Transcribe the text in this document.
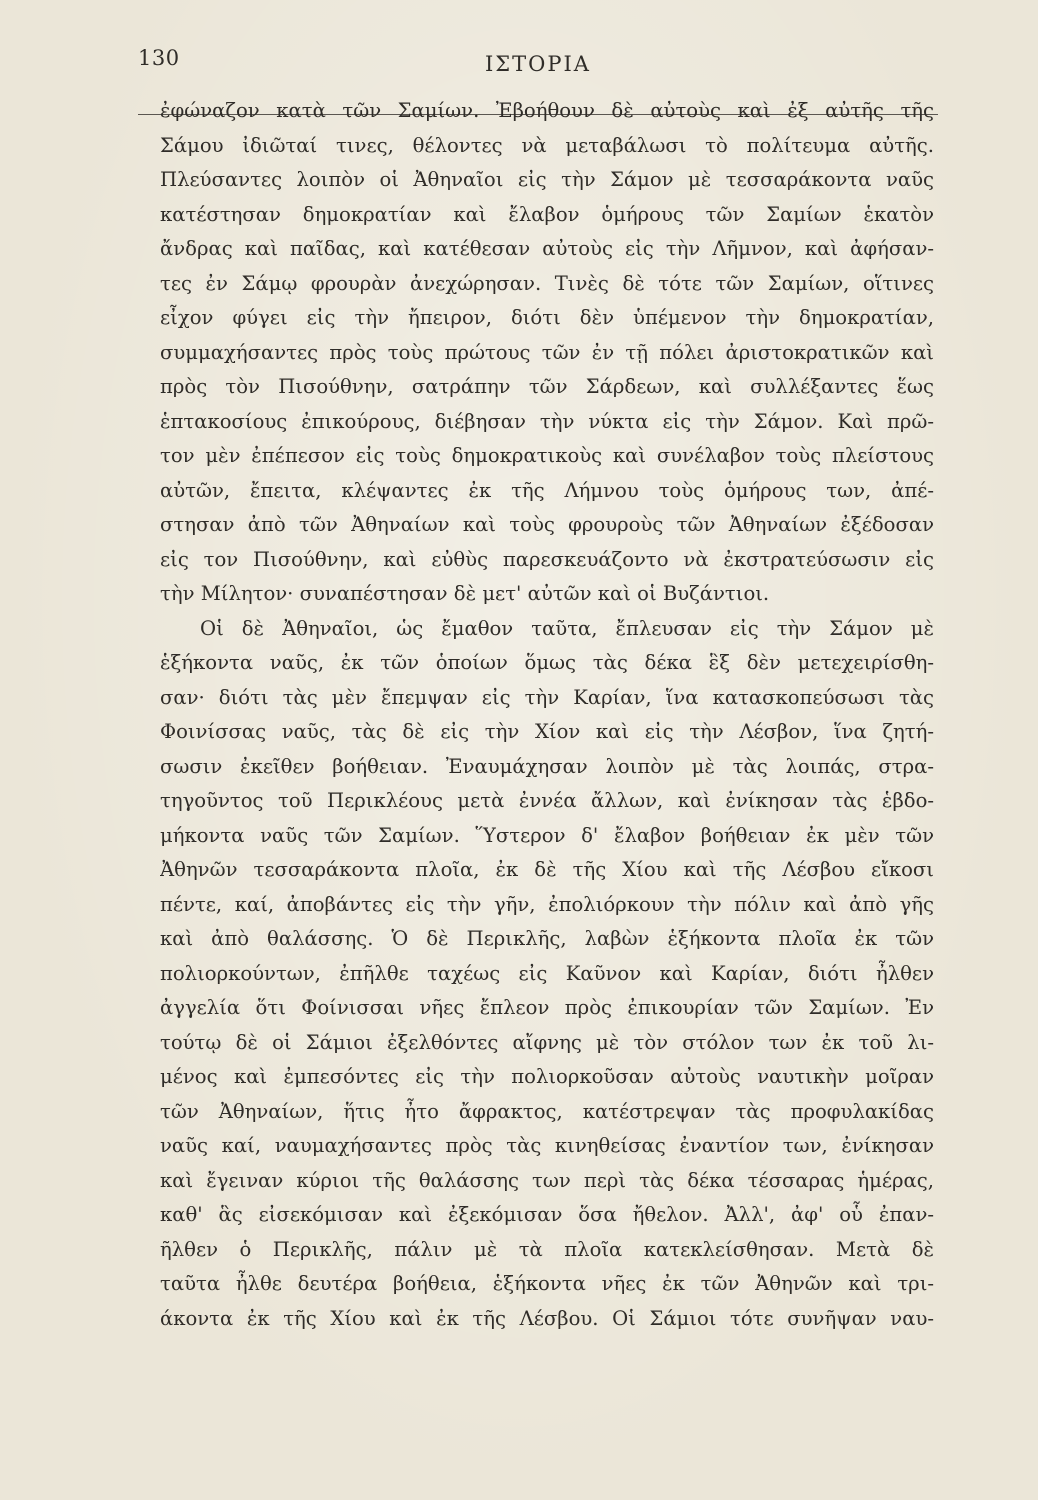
130	ΙΣΤΟΡΙΑ
ἐφώναζον κατὰ τῶν Σαμίων. Ἐβοήθουν δὲ αὐτοὺς καὶ ἐξ αὐτῆς τῆς
Σάμου ἰδιῶταί τινες, θέλοντες νὰ μεταβάλωσι τὸ πολίτευμα αὐτῆς.
Πλεύσαντες λοιπὸν οἱ Ἀθηναῖοι εἰς τὴν Σάμον μὲ τεσσαράκοντα ναῦς
κατέστησαν δημοκρατίαν καὶ ἔλαβον ὁμήρους τῶν Σαμίων ἑκατὸν
ἄνδρας καὶ παῖδας, καὶ κατέθεσαν αὐτοὺς εἰς τὴν Λῆμνον, καὶ ἀφήσαν-
τες ἐν Σάμῳ φρουρὰν ἀνεχώρησαν. Τινὲς δὲ τότε τῶν Σαμίων, οἵτινες
εἶχον φύγει εἰς τὴν ἤπειρον, διότι δὲν ὑπέμενον τὴν δημοκρατίαν,
συμμαχήσαντες πρὸς τοὺς πρώτους τῶν ἐν τῇ πόλει ἀριστοκρατικῶν καὶ
πρὸς τὸν Πισούθνην, σατράπην τῶν Σάρδεων, καὶ συλλέξαντες ἕως
ἑπτακοσίους ἐπικούρους, διέβησαν τὴν νύκτα εἰς τὴν Σάμον. Καὶ πρῶ-
τον μὲν ἐπέπεσον εἰς τοὺς δημοκρατικοὺς καὶ συνέλαβον τοὺς πλείστους
αὐτῶν, ἔπειτα, κλέψαντες ἐκ τῆς Λήμνου τοὺς ὁμήρους των, ἀπέ-
στησαν ἀπὸ τῶν Ἀθηναίων καὶ τοὺς φρουροὺς τῶν Ἀθηναίων ἐξέδοσαν
εἰς τον Πισούθνην, καὶ εὐθὺς παρεσκευάζοντο νὰ ἐκστρατεύσωσιν εἰς
τὴν Μίλητον· συναπέστησαν δὲ μετ' αὐτῶν καὶ οἱ Βυζάντιοι.
Οἱ δὲ Ἀθηναῖοι, ὡς ἔμαθον ταῦτα, ἔπλευσαν εἰς τὴν Σάμον μὲ
ἑξήκοντα ναῦς, ἐκ τῶν ὁποίων ὅμως τὰς δέκα ἓξ δὲν μετεχειρίσθη-
σαν· διότι τὰς μὲν ἔπεμψαν εἰς τὴν Καρίαν, ἵνα κατασκοπεύσωσι τὰς
Φοινίσσας ναῦς, τὰς δὲ εἰς τὴν Χίον καὶ εἰς τὴν Λέσβον, ἵνα ζητή-
σωσιν ἐκεῖθεν βοήθειαν. Ἐναυμάχησαν λοιπὸν μὲ τὰς λοιπάς, στρα-
τηγοῦντος τοῦ Περικλέους μετὰ ἐννέα ἄλλων, καὶ ἐνίκησαν τὰς ἑβδο-
μήκοντα ναῦς τῶν Σαμίων. Ὕστερον δ' ἔλαβον βοήθειαν ἐκ μὲν τῶν
Ἀθηνῶν τεσσαράκοντα πλοῖα, ἐκ δὲ τῆς Χίου καὶ τῆς Λέσβου εἴκοσι
πέντε, καί, ἀποβάντες εἰς τὴν γῆν, ἐπολιόρκουν τὴν πόλιν καὶ ἀπὸ γῆς
καὶ ἀπὸ θαλάσσης. Ὁ δὲ Περικλῆς, λαβὼν ἑξήκοντα πλοῖα ἐκ τῶν
πολιορκούντων, ἐπῆλθε ταχέως εἰς Καῦνον καὶ Καρίαν, διότι ἦλθεν
ἀγγελία ὅτι Φοίνισσαι νῆες ἔπλεον πρὸς ἐπικουρίαν τῶν Σαμίων. Ἐν
τούτῳ δὲ οἱ Σάμιοι ἐξελθόντες αἴφνης μὲ τὸν στόλον των ἐκ τοῦ λι-
μένος καὶ ἐμπεσόντες εἰς τὴν πολιορκοῦσαν αὐτοὺς ναυτικὴν μοῖραν
τῶν Ἀθηναίων, ἥτις ἦτο ἄφρακτος, κατέστρεψαν τὰς προφυλακίδας
ναῦς καί, ναυμαχήσαντες πρὸς τὰς κινηθείσας ἐναντίον των, ἐνίκησαν
καὶ ἔγειναν κύριοι τῆς θαλάσσης των περὶ τὰς δέκα τέσσαρας ἡμέρας,
καθ' ἃς εἰσεκόμισαν καὶ ἐξεκόμισαν ὅσα ἤθελον. Ἀλλ', ἀφ' οὗ ἐπαν-
ῆλθεν ὁ Περικλῆς, πάλιν μὲ τὰ πλοῖα κατεκλείσθησαν. Μετὰ δὲ
ταῦτα ἦλθε δευτέρα βοήθεια, ἑξήκοντα νῆες ἐκ τῶν Ἀθηνῶν καὶ τρι-
άκοντα ἐκ τῆς Χίου καὶ ἐκ τῆς Λέσβου. Οἱ Σάμιοι τότε συνῆψαν ναυ-
